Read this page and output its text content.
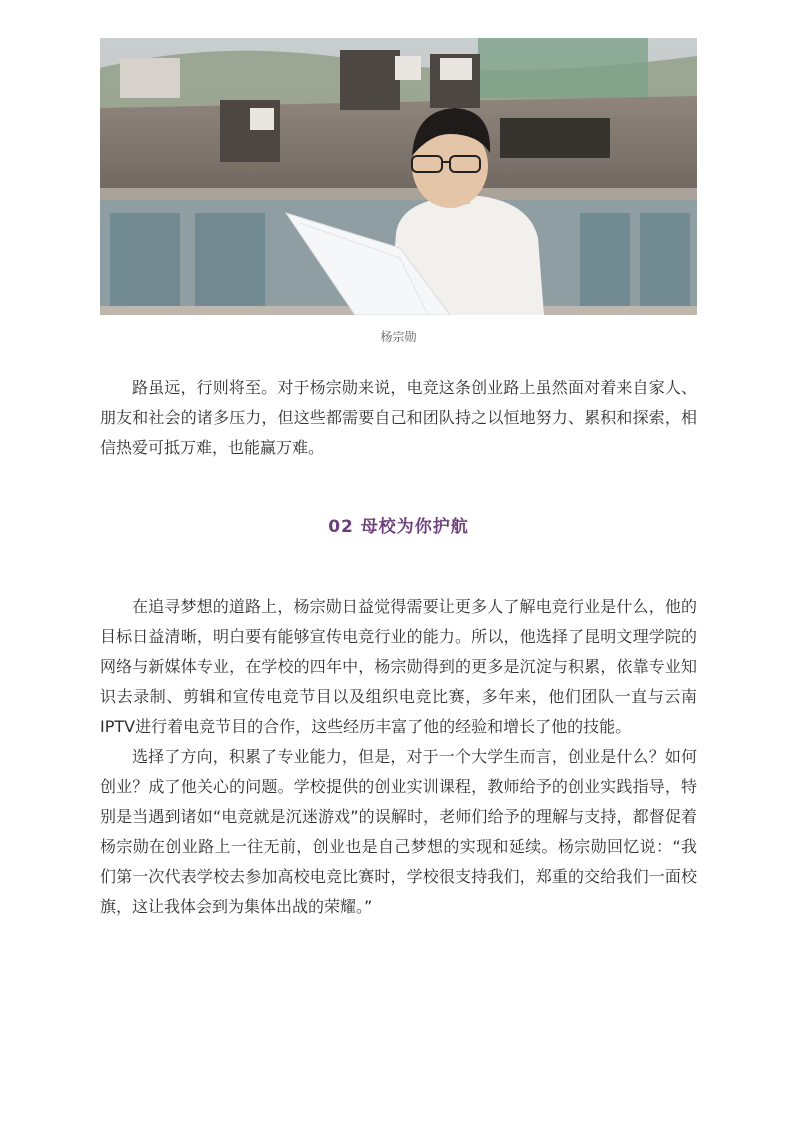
杨宗勋

路虽远，行则将至。对于杨宗勋来说，电竞这条创业路上虽然面对着来自家人、朋友和社会的诸多压力，但这些都需要自己和团队持之以恒地努力、累积和探索，相信热爱可抵万难，也能赢万难。

02 母校为你护航

在追寻梦想的道路上，杨宗勋日益觉得需要让更多人了解电竞行业是什么，他的目标日益清晰，明白要有能够宣传电竞行业的能力。所以，他选择了昆明文理学院的网络与新媒体专业，在学校的四年中，杨宗勋得到的更多是沉淀与积累，依靠专业知识去录制、剪辑和宣传电竞节目以及组织电竞比赛，多年来，他们团队一直与云南IPTV进行着电竞节目的合作，这些经历丰富了他的经验和增长了他的技能。

选择了方向，积累了专业能力，但是，对于一个大学生而言，创业是什么？如何创业？成了他关心的问题。学校提供的创业实训课程，教师给予的创业实践指导，特别是当遇到诸如“电竞就是沉迷游戏”的误解时，老师们给予的理解与支持，都督促着杨宗勋在创业路上一往无前，创业也是自己梦想的实现和延续。杨宗勋回忆说：“我们第一次代表学校去参加高校电竞比赛时，学校很支持我们，郑重的交给我们一面校旗，这让我体会到为集体出战的荣耀。”
